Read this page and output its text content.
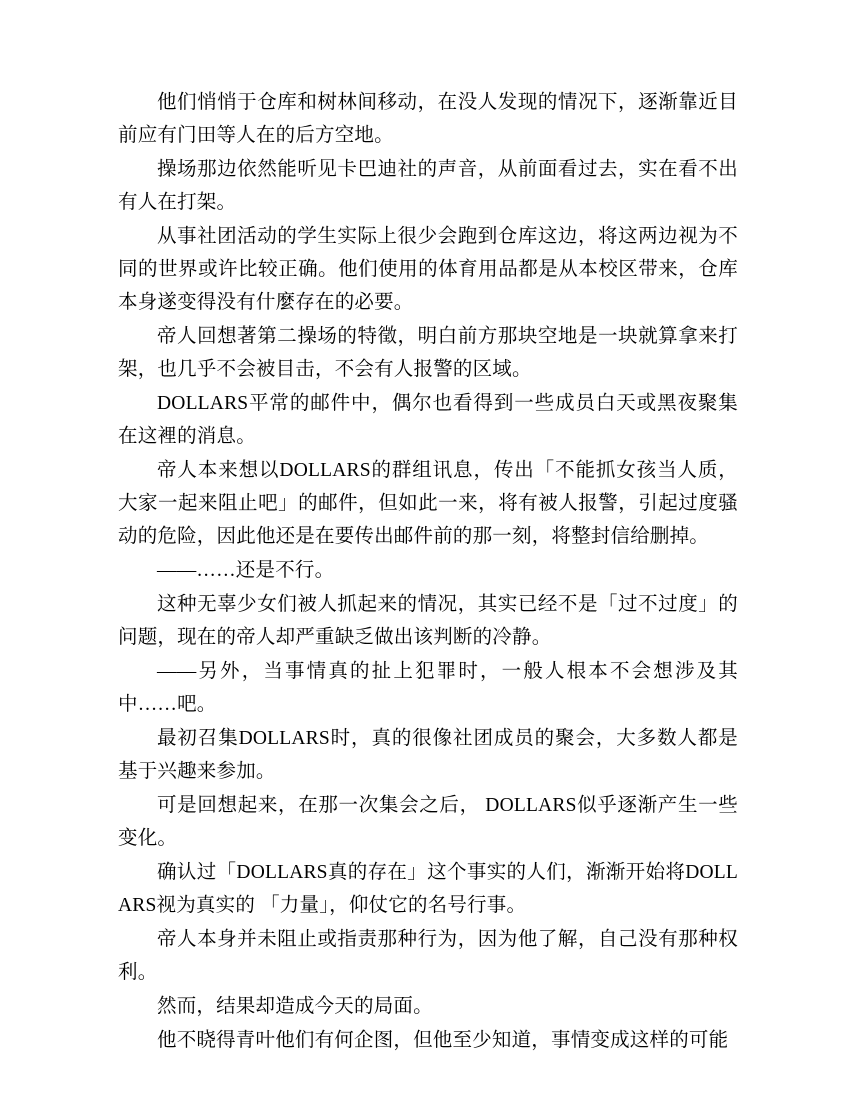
他们悄悄于仓库和树林间移动，在没人发现的情况下，逐渐靠近目前应有门田等人在的后方空地。

操场那边依然能听见卡巴迪社的声音，从前面看过去，实在看不出有人在打架。

从事社团活动的学生实际上很少会跑到仓库这边，将这两边视为不同的世界或许比较正确。他们使用的体育用品都是从本校区带来，仓库本身遂变得没有什麼存在的必要。

帝人回想著第二操场的特徵，明白前方那块空地是一块就算拿来打架，也几乎不会被目击，不会有人报警的区域。

DOLLARS平常的邮件中，偶尔也看得到一些成员白天或黑夜聚集在这裡的消息。

帝人本来想以DOLLARS的群组讯息，传出「不能抓女孩当人质，大家一起来阻止吧」的邮件，但如此一来，将有被人报警，引起过度骚动的危险，因此他还是在要传出邮件前的那一刻，将整封信给删掉。

——……还是不行。

这种无辜少女们被人抓起来的情况，其实已经不是「过不过度」的问题，现在的帝人却严重缺乏做出该判断的冷静。

——另外，当事情真的扯上犯罪时，一般人根本不会想涉及其中……吧。

最初召集DOLLARS时，真的很像社团成员的聚会，大多数人都是基于兴趣来参加。

可是回想起来，在那一次集会之后， DOLLARS似乎逐渐产生一些变化。

确认过「DOLLARS真的存在」这个事实的人们，渐渐开始将DOLLARS视为真实的 「力量」，仰仗它的名号行事。

帝人本身并未阻止或指责那种行为，因为他了解，自己没有那种权利。

然而，结果却造成今天的局面。

他不晓得青叶他们有何企图，但他至少知道，事情变成这样的可能
